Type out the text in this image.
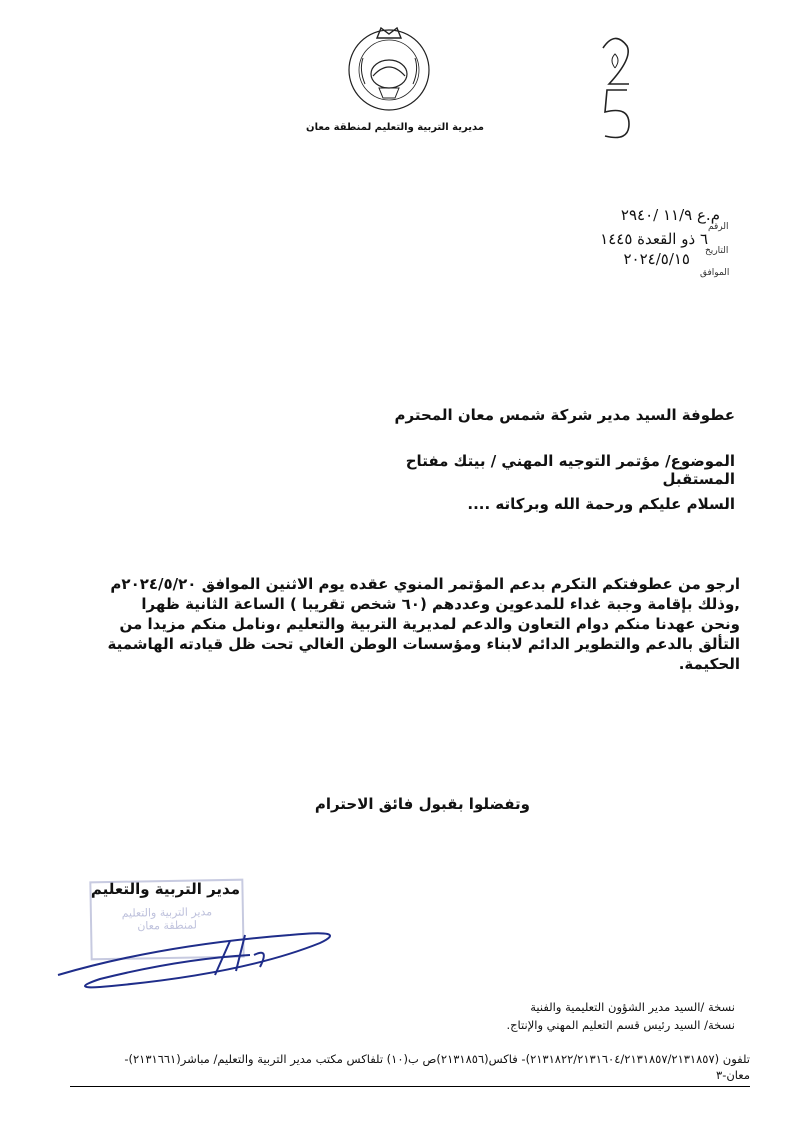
مديرية التربية والتعليم لمنطقة معان
الرقم
التاريخ
الموافق
م.ع ١١/٩ /٢٩٤٠
٦ ذو القعدة ١٤٤٥
٢٠٢٤/٥/١٥
عطوفة السيد مدير شركة شمس معان المحترم
الموضوع/ مؤتمر التوجيه المهني / بيتك مفتاح المستقبل
السلام عليكم ورحمة الله وبركاته ....
ارجو من عطوفتكم التكرم بدعم المؤتمر المنوي عقده يوم الاثنين الموافق ٢٠٢٤/٥/٢٠م
,وذلك بإقامة وجبة غداء للمدعوين وعددهم (٦٠ شخص تقريبا ) الساعة الثانية ظهرا
ونحن عهدنا منكم دوام التعاون والدعم لمديرية التربية والتعليم ،ونامل منكم مزيدا من
التألق بالدعم والتطوير الدائم لابناء ومؤسسات الوطن الغالي تحت ظل قيادته الهاشمية
الحكيمة.
وتفضلوا بقبول فائق الاحترام
مدير التربية والتعليم
مدير التربية والتعليم
لمنطقة معان
نسخة /السيد مدير الشؤون التعليمية والفنية
نسخة/ السيد رئيس قسم التعليم المهني والإنتاج.
تلفون (٢١٣١٨٢٢/٢١٣١٦٠٤/٢١٣١٨٥٧/٢١٣١٨٥٧)- فاكس(٢١٣١٨٥٦)ص ب(١٠) تلفاكس مكتب مدير التربية والتعليم/ مباشر(٢١٣١٦٦١)-
معان-٣
